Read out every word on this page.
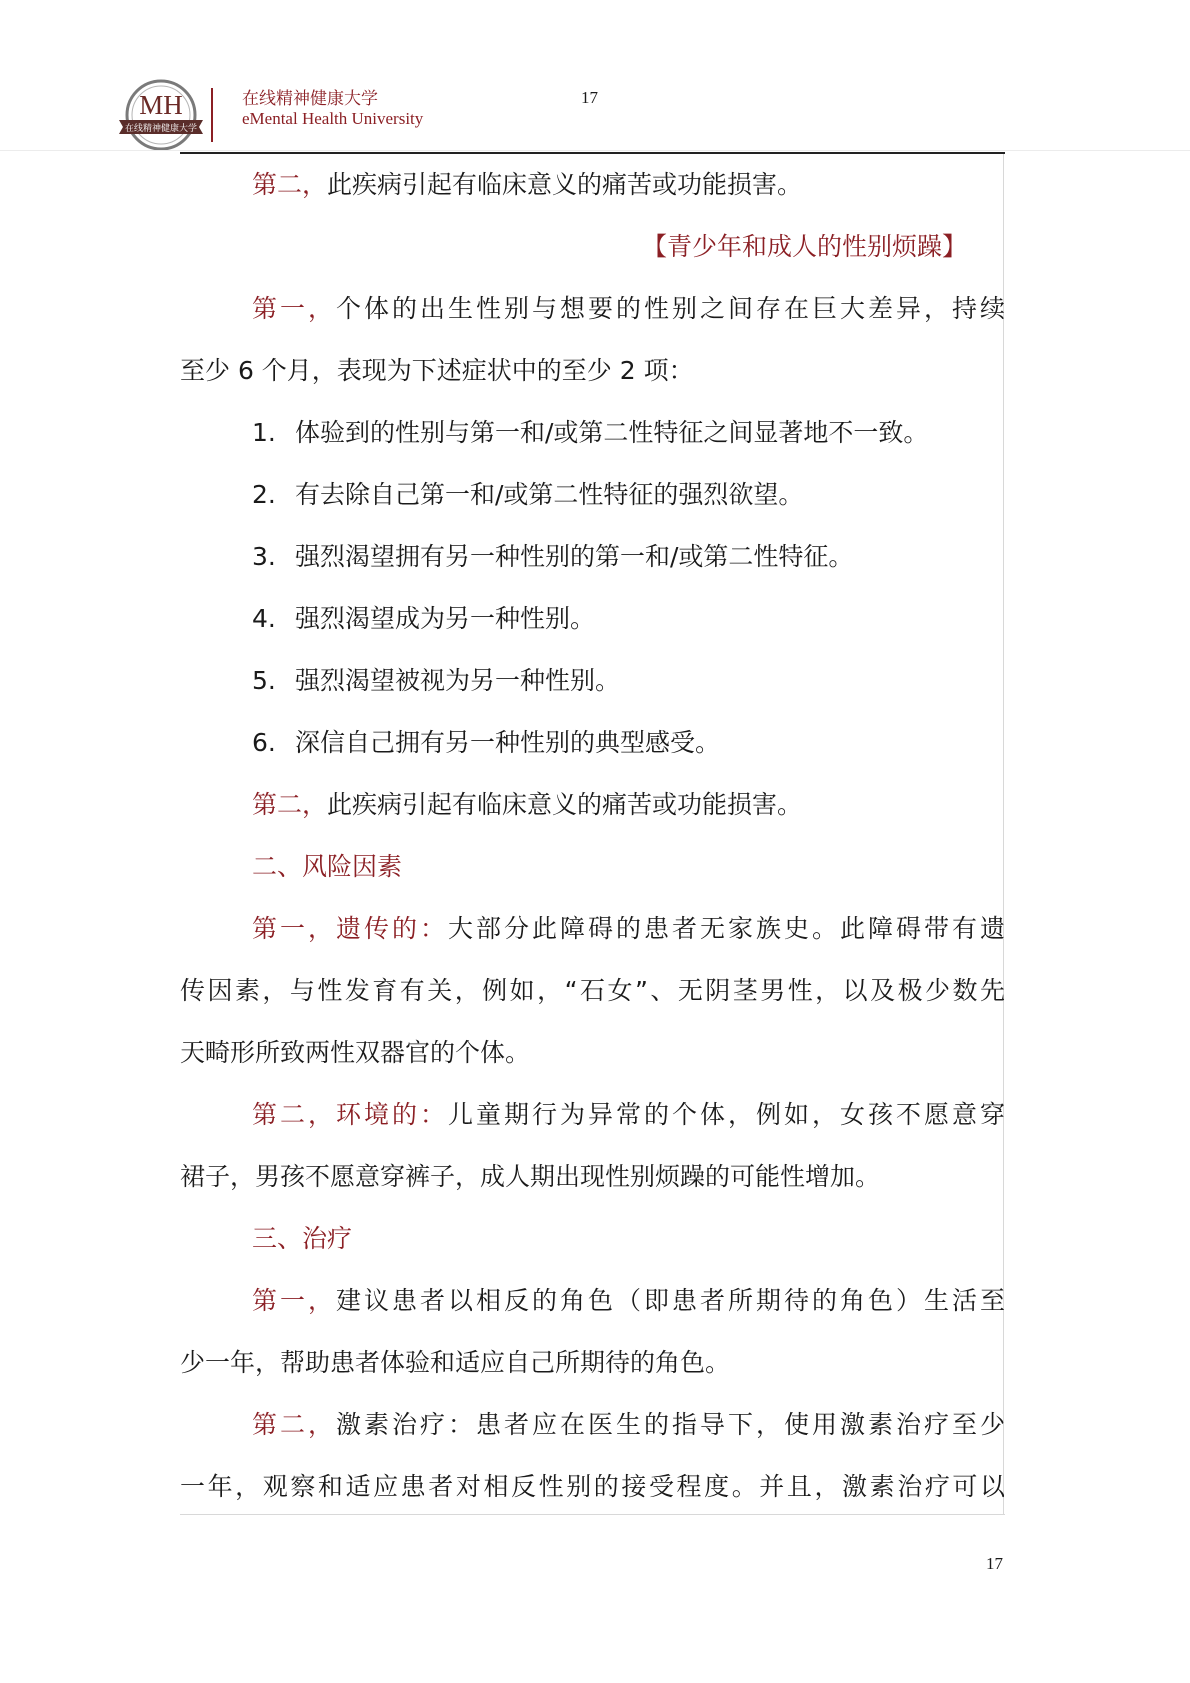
MH
在线精神健康大学
在线精神健康大学
eMental Health University
17
第二，此疾病引起有临床意义的痛苦或功能损害。
【青少年和成人的性别烦躁】
第一，个体的出生性别与想要的性别之间存在巨大差异，持续
至少 6 个月，表现为下述症状中的至少 2 项：
1. 体验到的性别与第一和/或第二性特征之间显著地不一致。
2. 有去除自己第一和/或第二性特征的强烈欲望。
3. 强烈渴望拥有另一种性别的第一和/或第二性特征。
4. 强烈渴望成为另一种性别。
5. 强烈渴望被视为另一种性别。
6. 深信自己拥有另一种性别的典型感受。
第二，此疾病引起有临床意义的痛苦或功能损害。
二、风险因素
第一，遗传的：大部分此障碍的患者无家族史。此障碍带有遗
传因素，与性发育有关，例如，“石女”、无阴茎男性，以及极少数先
天畸形所致两性双器官的个体。
第二，环境的：儿童期行为异常的个体，例如，女孩不愿意穿
裙子，男孩不愿意穿裤子，成人期出现性别烦躁的可能性增加。
三、治疗
第一，建议患者以相反的角色（即患者所期待的角色）生活至
少一年，帮助患者体验和适应自己所期待的角色。
第二，激素治疗：患者应在医生的指导下，使用激素治疗至少
一年，观察和适应患者对相反性别的接受程度。并且，激素治疗可以
17
